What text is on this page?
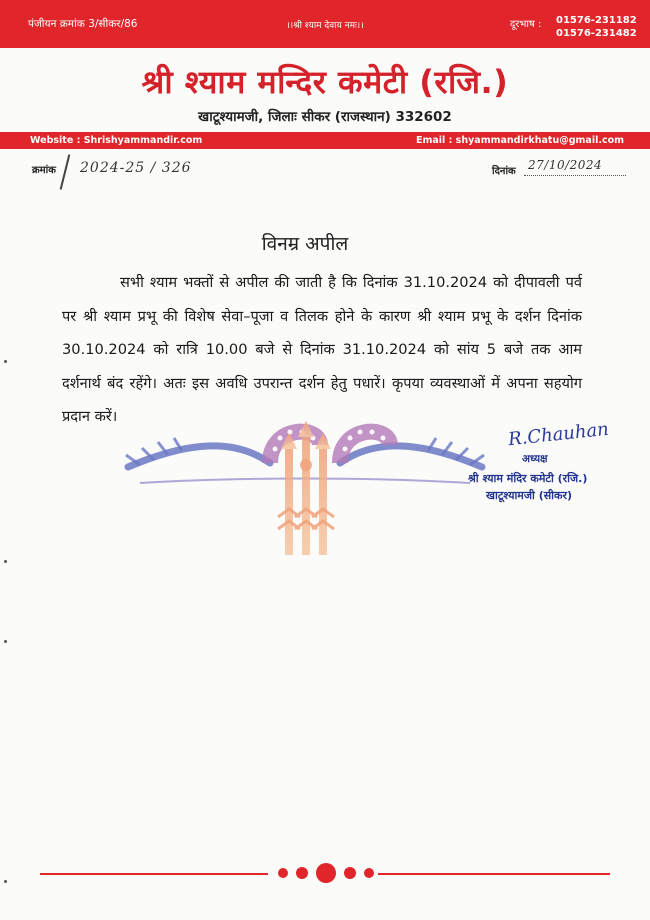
पंजीयन क्रमांक 3/सीकर/86	।।श्री श्याम देवाय नमः।।	दूरभाष : 01576-231182
01576-231482
श्री श्याम मन्दिर कमेटी (रजि.)
खाटूश्यामजी, जिलाः सीकर (राजस्थान) 332602
Website : Shrishyammandir.com	Email : shyammandirkhatu@gmail.com
क्रमांक 2024-25 / 326	दिनांक 27/10/2024
विनम्र अपील
सभी श्याम भक्तों से अपील की जाती है कि दिनांक 31.10.2024 को दीपावली पर्व पर श्री श्याम प्रभू की विशेष सेवा–पूजा व तिलक होने के कारण श्री श्याम प्रभू के दर्शन दिनांक 30.10.2024 को रात्रि 10.00 बजे से दिनांक 31.10.2024 को सांय 5 बजे तक आम दर्शनार्थ बंद रहेंगे। अतः इस अवधि उपरान्त दर्शन हेतु पधारें। कृपया व्यवस्थाओं में अपना सहयोग प्रदान करें।
R.Chauhan
अध्यक्ष
श्री श्याम मंदिर कमेटी (रजि.)
खाटूश्यामजी (सीकर)
